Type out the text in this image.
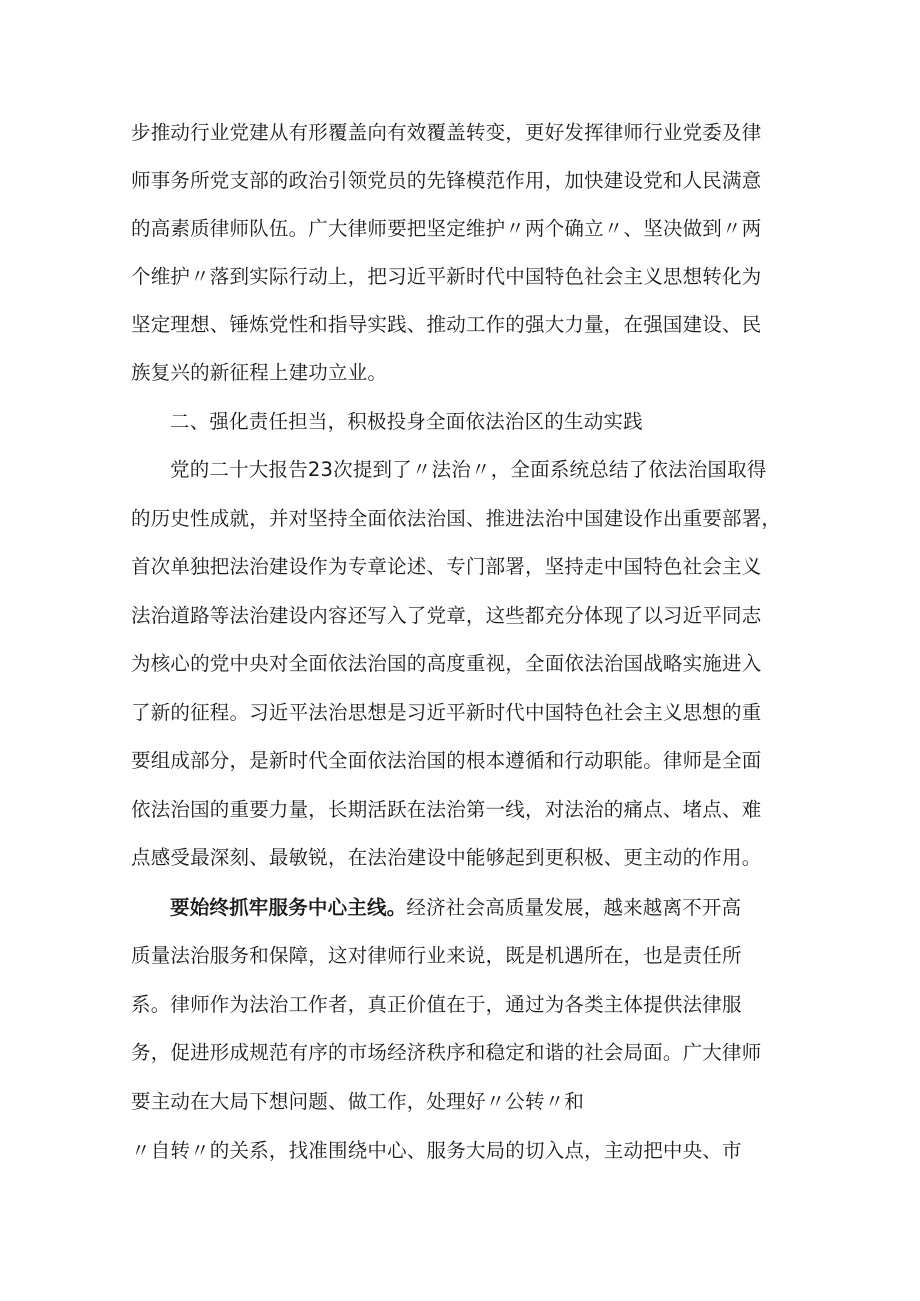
步推动行业党建从有形覆盖向有效覆盖转变，更好发挥律师行业党委及律
师事务所党支部的政治引领党员的先锋模范作用，加快建设党和人民满意
的高素质律师队伍。广大律师要把坚定维护〃两个确立〃、坚决做到〃两
个维护〃落到实际行动上，把习近平新时代中国特色社会主义思想转化为
坚定理想、锤炼党性和指导实践、推动工作的强大力量，在强国建设、民
族复兴的新征程上建功立业。
二、强化责任担当，积极投身全面依法治区的生动实践
党的二十大报告23次提到了〃法治〃，全面系统总结了依法治国取得
的历史性成就，并对坚持全面依法治国、推进法治中国建设作出重要部署，
首次单独把法治建设作为专章论述、专门部署，坚持走中国特色社会主义
法治道路等法治建设内容还写入了党章，这些都充分体现了以习近平同志
为核心的党中央对全面依法治国的高度重视，全面依法治国战略实施进入
了新的征程。习近平法治思想是习近平新时代中国特色社会主义思想的重
要组成部分，是新时代全面依法治国的根本遵循和行动职能。律师是全面
依法治国的重要力量，长期活跃在法治第一线，对法治的痛点、堵点、难
点感受最深刻、最敏锐，在法治建设中能够起到更积极、更主动的作用。
要始终抓牢服务中心主线。经济社会高质量发展，越来越离不开高
质量法治服务和保障，这对律师行业来说，既是机遇所在，也是责任所
系。律师作为法治工作者，真正价值在于，通过为各类主体提供法律服
务，促进形成规范有序的市场经济秩序和稳定和谐的社会局面。广大律师
要主动在大局下想问题、做工作，处理好〃公转〃和
〃自转〃的关系，找准围绕中心、服务大局的切入点，主动把中央、市
